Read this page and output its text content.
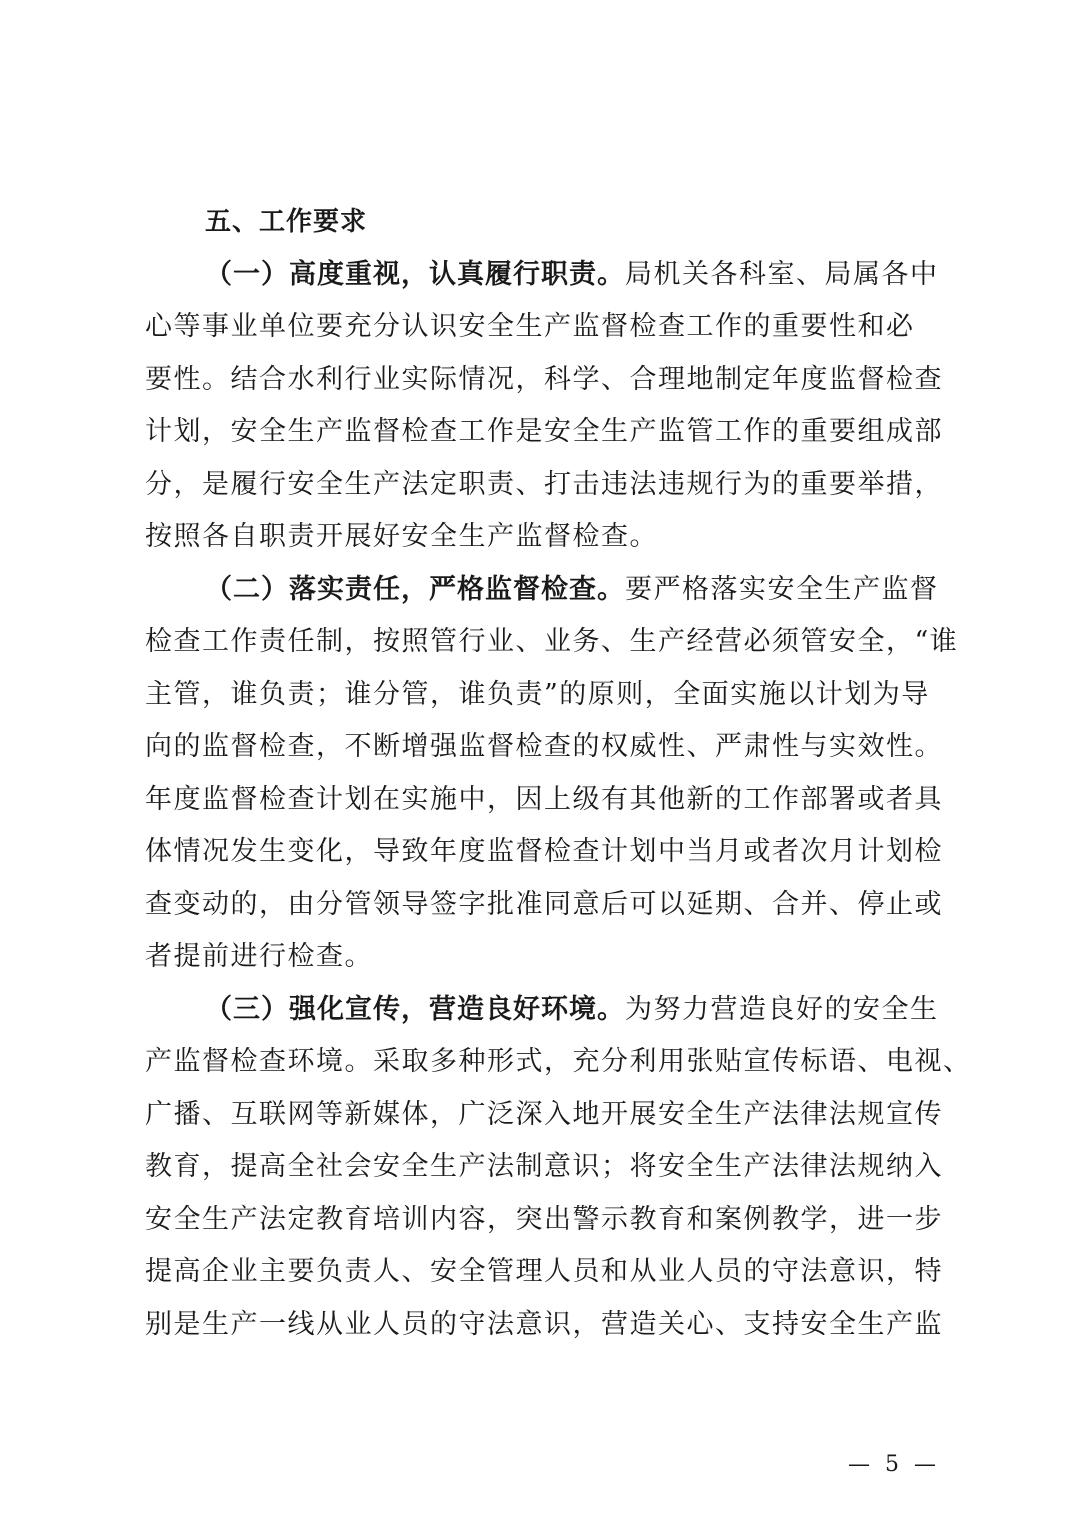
五、工作要求

（一）高度重视，认真履行职责。局机关各科室、局属各中
心等事业单位要充分认识安全生产监督检查工作的重要性和必
要性。结合水利行业实际情况，科学、合理地制定年度监督检查
计划，安全生产监督检查工作是安全生产监管工作的重要组成部
分，是履行安全生产法定职责、打击违法违规行为的重要举措，
按照各自职责开展好安全生产监督检查。

（二）落实责任，严格监督检查。要严格落实安全生产监督
检查工作责任制，按照管行业、业务、生产经营必须管安全，“谁
主管，谁负责；谁分管，谁负责”的原则，全面实施以计划为导
向的监督检查，不断增强监督检查的权威性、严肃性与实效性。
年度监督检查计划在实施中，因上级有其他新的工作部署或者具
体情况发生变化，导致年度监督检查计划中当月或者次月计划检
查变动的，由分管领导签字批准同意后可以延期、合并、停止或
者提前进行检查。

（三）强化宣传，营造良好环境。为努力营造良好的安全生
产监督检查环境。采取多种形式，充分利用张贴宣传标语、电视、
广播、互联网等新媒体，广泛深入地开展安全生产法律法规宣传
教育，提高全社会安全生产法制意识；将安全生产法律法规纳入
安全生产法定教育培训内容，突出警示教育和案例教学，进一步
提高企业主要负责人、安全管理人员和从业人员的守法意识，特
别是生产一线从业人员的守法意识，营造关心、支持安全生产监

— 5 —
